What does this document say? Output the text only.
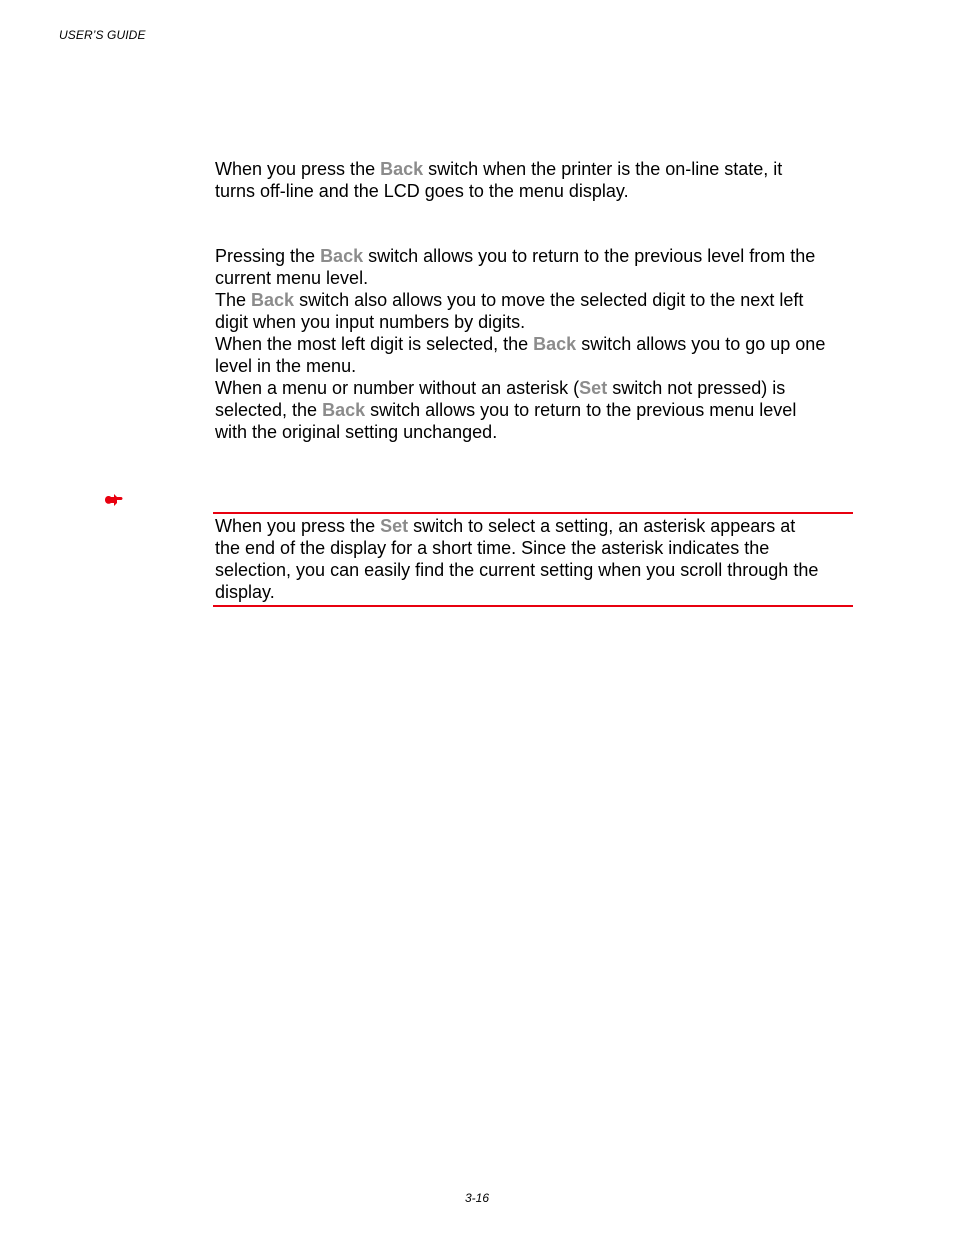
USER’S GUIDE
When you press the Back switch when the printer is the on-line state, it
turns off-line and the LCD goes to the menu display.
Pressing the Back switch allows you to return to the previous level from the
current menu level.
The Back switch also allows you to move the selected digit to the next left
digit when you input numbers by digits.
When the most left digit is selected, the Back switch allows you to go up one
level in the menu.
When a menu or number without an asterisk (Set switch not pressed) is
selected, the Back switch allows you to return to the previous menu level
with the original setting unchanged.
When you press the Set switch to select a setting, an asterisk appears at
the end of the display for a short time. Since the asterisk indicates the
selection, you can easily find the current setting when you scroll through the
display.
3-16
